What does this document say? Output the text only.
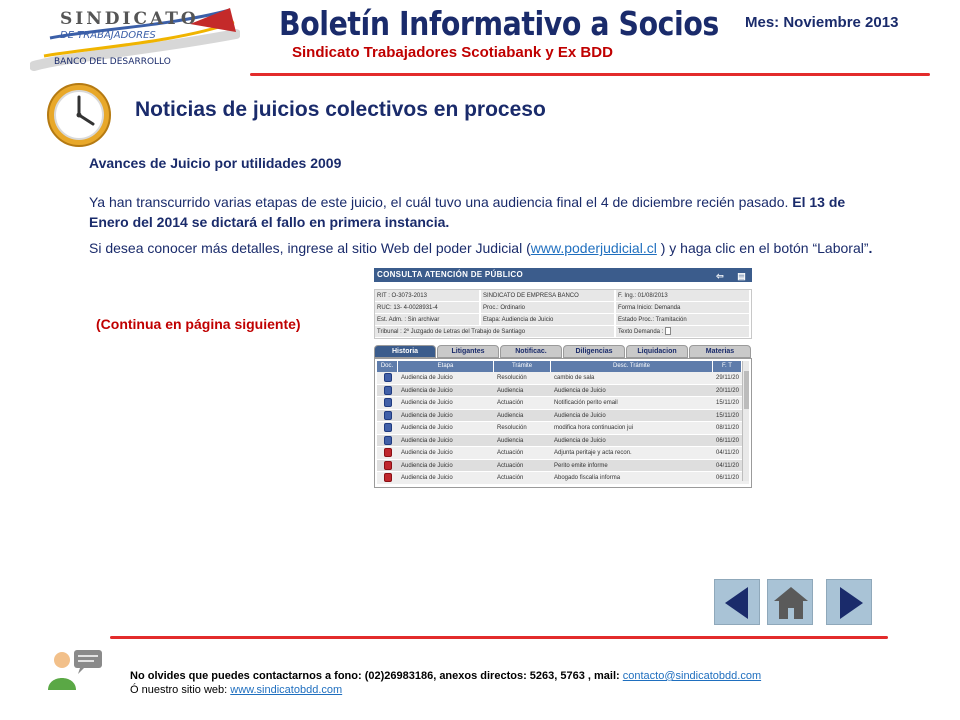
SINDICATO
DE TRABAJADORES
BANCO DEL DESARROLLO
Boletín Informativo a Socios
Sindicato Trabajadores Scotiabank y Ex BDD
Mes: Noviembre 2013
Noticias de juicios colectivos en proceso
Avances de Juicio por utilidades 2009
Ya han transcurrido varias etapas de este juicio, el cuál tuvo una audiencia final el 4 de diciembre recién pasado. El 13 de Enero del 2014 se dictará el fallo en primera instancia.
Si desea conocer más detalles, ingrese al sitio Web del poder Judicial (www.poderjudicial.cl ) y haga clic en el botón “Laboral”.
(Continua en página siguiente)
CONSULTA ATENCIÓN DE PÚBLICO	⇦ ▤
RIT : O-3073-2013	SINDICATO DE EMPRESA BANCO	F. Ing.: 01/08/2013
RUC: 13- 4-0028931-4	Proc.: Ordinario	Forma Inicio: Demanda
Est. Adm. : Sin archivar	Etapa: Audiencia de Juicio	Estado Proc.: Tramitación
Tribunal : 2º Juzgado de Letras del Trabajo de Santiago	Texto Demanda :
Historia	Litigantes	Notificac.	Diligencias	Liquidacion	Materias
Doc.	Etapa	Trámite	Desc. Trámite	F. T
Audiencia de Juicio	Resolución	cambio de sala	29/11/20
Audiencia de Juicio	Audiencia	Audiencia de Juicio	20/11/20
Audiencia de Juicio	Actuación	Notificación perito email	15/11/20
Audiencia de Juicio	Audiencia	Audiencia de Juicio	15/11/20
Audiencia de Juicio	Resolución	modifica hora continuacion jui	08/11/20
Audiencia de Juicio	Audiencia	Audiencia de Juicio	06/11/20
Audiencia de Juicio	Actuación	Adjunta peritaje y acta recon.	04/11/20
Audiencia de Juicio	Actuación	Perito emite informe	04/11/20
Audiencia de Juicio	Actuación	Abogado fiscalía informa	06/11/20
No olvides que puedes contactarnos a fono: (02)26983186, anexos directos: 5263, 5763 , mail: contacto@sindicatobdd.com
Ó nuestro sitio web: www.sindicatobdd.com
